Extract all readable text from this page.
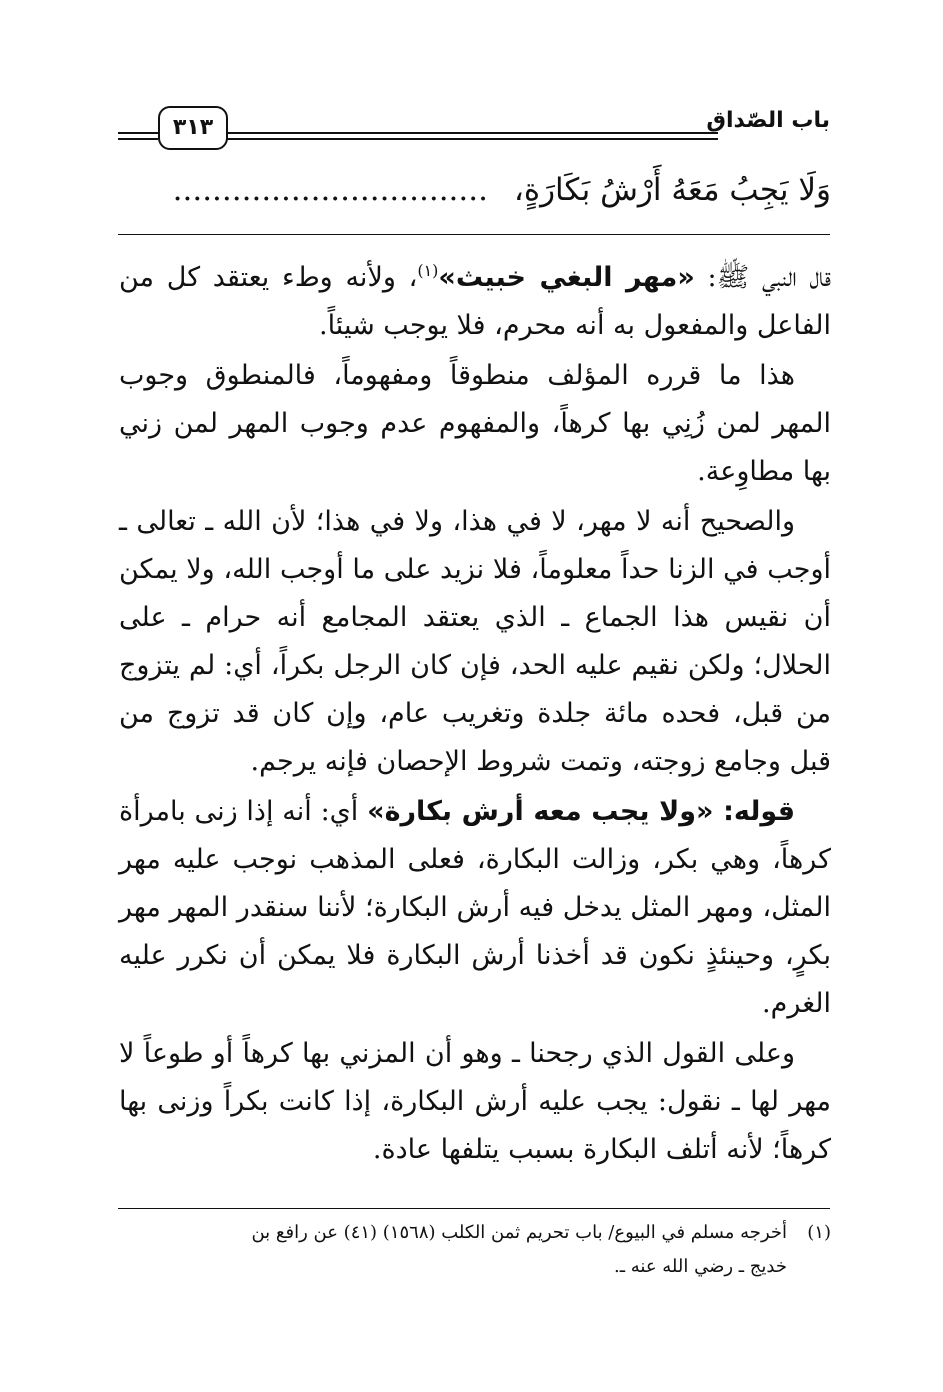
باب الصّداق
٣١٣
وَلَا يَجِبُ مَعَهُ أَرْشُ بَكَارَةٍ، ................................

قال النبي ﷺ: «مهر البغي خبيث»$^{(١)}$، ولأنه وطء يعتقد كل من الفاعل والمفعول به أنه محرم، فلا يوجب شيئاً.

هذا ما قرره المؤلف منطوقاً ومفهوماً، فالمنطوق وجوب المهر لمن زُنِي بها كرهاً، والمفهوم عدم وجوب المهر لمن زني بها مطاوِعة.

والصحيح أنه لا مهر، لا في هذا، ولا في هذا؛ لأن الله ـ تعالى ـ أوجب في الزنا حداً معلوماً، فلا نزيد على ما أوجب الله، ولا يمكن أن نقيس هذا الجماع ـ الذي يعتقد المجامع أنه حرام ـ على الحلال؛ ولكن نقيم عليه الحد، فإن كان الرجل بكراً، أي: لم يتزوج من قبل، فحده مائة جلدة وتغريب عام، وإن كان قد تزوج من قبل وجامع زوجته، وتمت شروط الإحصان فإنه يرجم.

قوله: «ولا يجب معه أرش بكارة» أي: أنه إذا زنى بامرأة كرهاً، وهي بكر، وزالت البكارة، فعلى المذهب نوجب عليه مهر المثل، ومهر المثل يدخل فيه أرش البكارة؛ لأننا سنقدر المهر مهر بكرٍ، وحينئذٍ نكون قد أخذنا أرش البكارة فلا يمكن أن نكرر عليه الغرم.

وعلى القول الذي رجحنا ـ وهو أن المزني بها كرهاً أو طوعاً لا مهر لها ـ نقول: يجب عليه أرش البكارة، إذا كانت بكراً وزنى بها كرهاً؛ لأنه أتلف البكارة بسبب يتلفها عادة.

(١)أخرجه مسلم في البيوع/ باب تحريم ثمن الكلب (١٥٦٨) (٤١) عن رافع بن
خديج ـ رضي الله عنه ـ.
